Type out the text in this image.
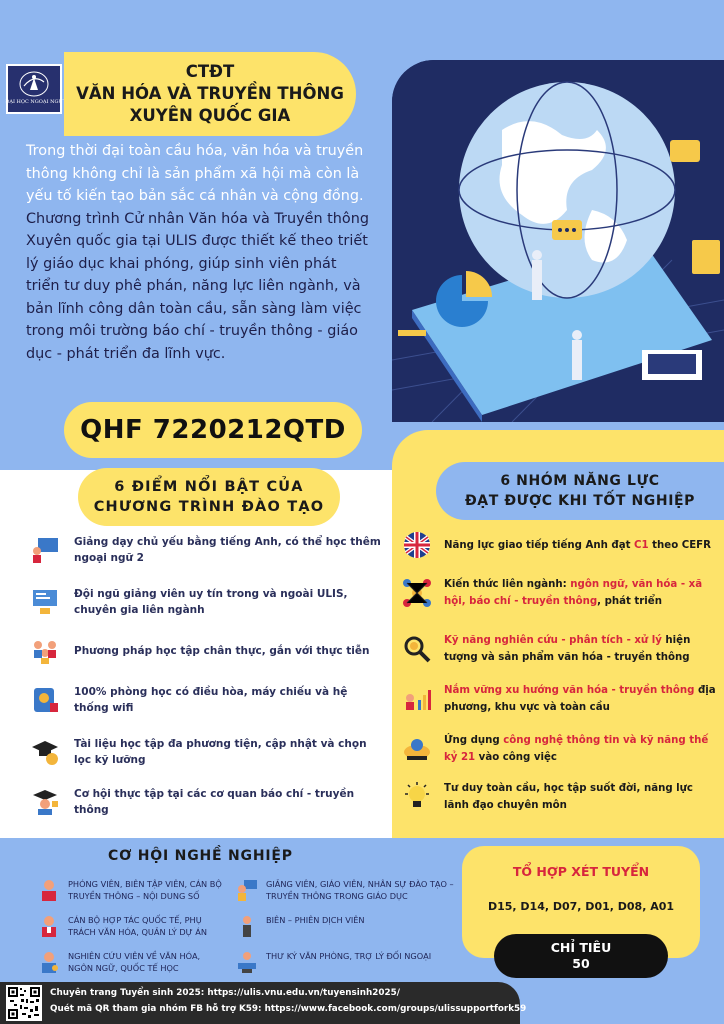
ĐẠI HỌC NGOẠI NGỮ
CTĐT
VĂN HÓA VÀ TRUYỀN THÔNG
XUYÊN QUỐC GIA

Trong thời đại toàn cầu hóa, văn hóa và truyền thông không chỉ là sản phẩm xã hội mà còn là yếu tố kiến tạo bản sắc cá nhân và cộng đồng. Chương trình Cử nhân Văn hóa và Truyền thông Xuyên quốc gia tại ULIS được thiết kế theo triết lý giáo dục khai phóng, giúp sinh viên phát triển tư duy phê phán, năng lực liên ngành, và bản lĩnh công dân toàn cầu, sẵn sàng làm việc trong môi trường báo chí - truyền thông - giáo dục - phát triển đa lĩnh vực.

QHF 7220212QTD
6 ĐIỂM NỔI BẬT CỦA
CHƯƠNG TRÌNH ĐÀO TẠO
6 NHÓM NĂNG LỰC
ĐẠT ĐƯỢC KHI TỐT NGHIỆP
Giảng dạy chủ yếu bằng tiếng Anh, có thể học thêm ngoại ngữ 2
Đội ngũ giảng viên uy tín trong và ngoài ULIS, chuyên gia liên ngành
Phương pháp học tập chân thực, gắn với thực tiễn
100% phòng học có điều hòa, máy chiếu và hệ thống wifi
Tài liệu học tập đa phương tiện, cập nhật và chọn lọc kỹ lưỡng
Cơ hội thực tập tại các cơ quan báo chí - truyền thông
Năng lực giao tiếp tiếng Anh đạt C1 theo CEFR
Kiến thức liên ngành: ngôn ngữ, văn hóa - xã hội, báo chí - truyền thông, phát triển
Kỹ năng nghiên cứu - phân tích - xử lý hiện tượng và sản phẩm văn hóa - truyền thông
Nắm vững xu hướng văn hóa - truyền thông địa phương, khu vực và toàn cầu
Ứng dụng công nghệ thông tin và kỹ năng thế kỷ 21 vào công việc
Tư duy toàn cầu, học tập suốt đời, năng lực lãnh đạo chuyên môn
CƠ HỘI NGHỀ NGHIỆP
PHÓNG VIÊN, BIÊN TẬP VIÊN, CÁN BỘ TRUYỀN THÔNG – NỘI DUNG SỐ
GIẢNG VIÊN, GIÁO VIÊN, NHÂN SỰ ĐÀO TẠO – TRUYỀN THÔNG TRONG GIÁO DỤC
CÁN BỘ HỢP TÁC QUỐC TẾ, PHỤ TRÁCH VĂN HÓA, QUẢN LÝ DỰ ÁN
BIÊN – PHIÊN DỊCH VIÊN
NGHIÊN CỨU VIÊN VỀ VĂN HÓA, NGÔN NGỮ, QUỐC TẾ HỌC
THƯ KÝ VĂN PHÒNG, TRỢ LÝ ĐỐI NGOẠI
TỔ HỢP XÉT TUYỂN
D15, D14, D07, D01, D08, A01
CHỈ TIÊU
50
Chuyên trang Tuyển sinh 2025: https://ulis.vnu.edu.vn/tuyensinh2025/
Quét mã QR tham gia nhóm FB hỗ trợ K59: https://www.facebook.com/groups/ulissupportfork59
